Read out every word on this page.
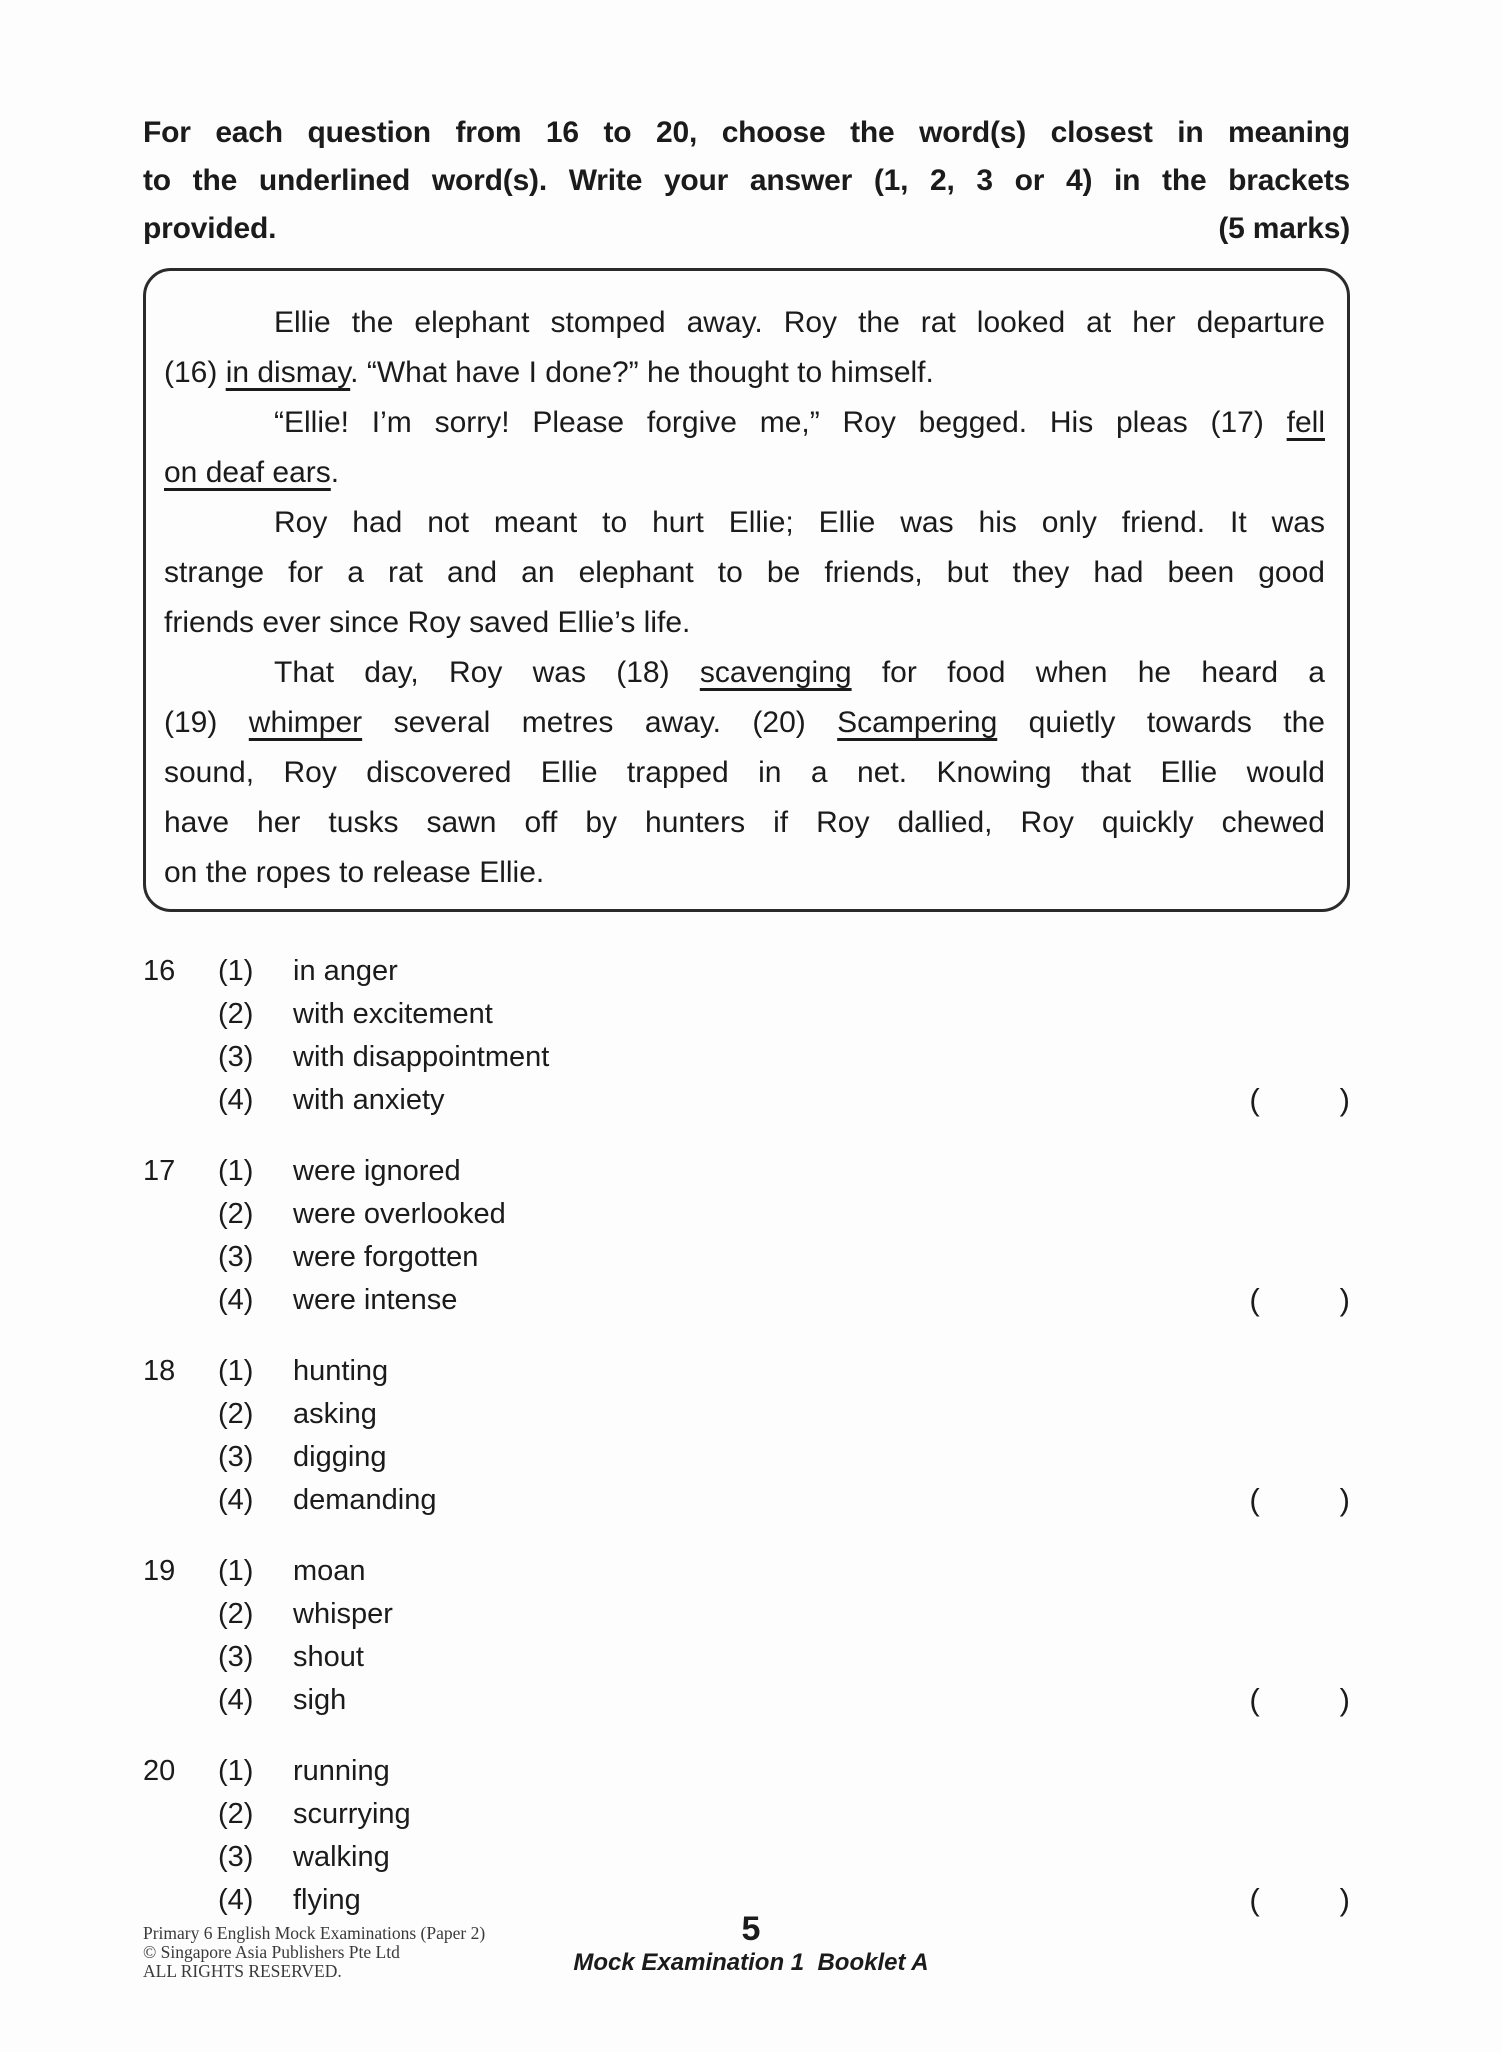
For each question from 16 to 20, choose the word(s) closest in meaning
to the underlined word(s). Write your answer (1, 2, 3 or 4) in the brackets
provided.	(5 marks)
Ellie the elephant stomped away. Roy the rat looked at her departure
(16) in dismay. “What have I done?” he thought to himself.
“Ellie! I’m sorry! Please forgive me,” Roy begged. His pleas (17) fell
on deaf ears.
Roy had not meant to hurt Ellie; Ellie was his only friend. It was
strange for a rat and an elephant to be friends, but they had been good
friends ever since Roy saved Ellie’s life.
That day, Roy was (18) scavenging for food when he heard a
(19) whimper several metres away. (20) Scampering quietly towards the
sound, Roy discovered Ellie trapped in a net. Knowing that Ellie would
have her tusks sawn off by hunters if Roy dallied, Roy quickly chewed
on the ropes to release Ellie.
16	(1)	in anger
(2)	with excitement
(3)	with disappointment
(4)	with anxiety	(	)
17	(1)	were ignored
(2)	were overlooked
(3)	were forgotten
(4)	were intense	(	)
18	(1)	hunting
(2)	asking
(3)	digging
(4)	demanding	(	)
19	(1)	moan
(2)	whisper
(3)	shout
(4)	sigh	(	)
20	(1)	running
(2)	scurrying
(3)	walking
(4)	flying	(	)
Primary 6 English Mock Examinations (Paper 2)
© Singapore Asia Publishers Pte Ltd
ALL RIGHTS RESERVED.
5
Mock Examination 1  Booklet A
